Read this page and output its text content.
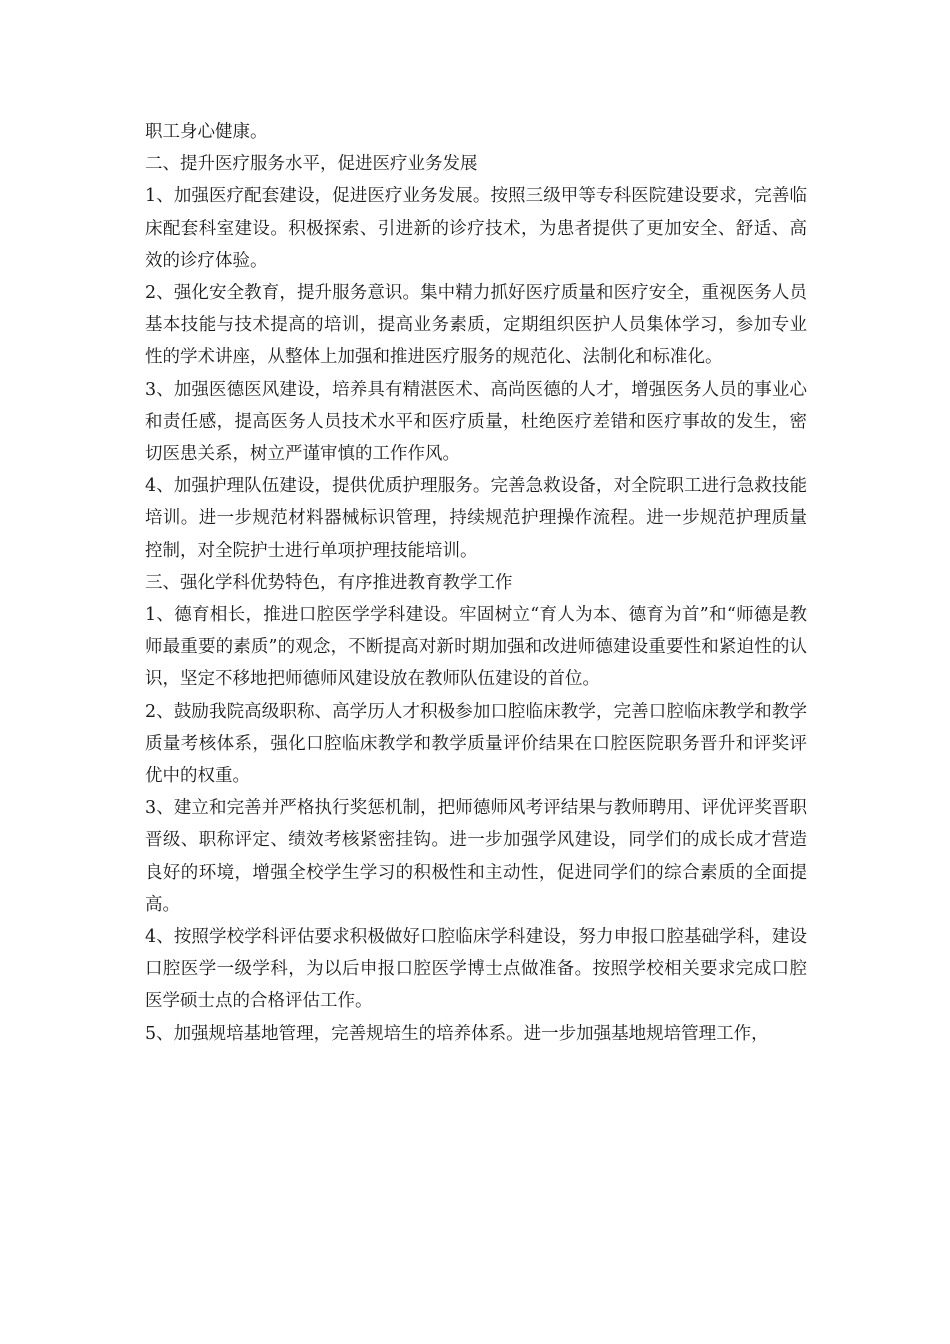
职工身心健康。

二、提升医疗服务水平，促进医疗业务发展

1、加强医疗配套建设，促进医疗业务发展。按照三级甲等专科医院建设要求，完善临床配套科室建设。积极探索、引进新的诊疗技术，为患者提供了更加安全、舒适、高效的诊疗体验。

2、强化安全教育，提升服务意识。集中精力抓好医疗质量和医疗安全，重视医务人员基本技能与技术提高的培训，提高业务素质，定期组织医护人员集体学习，参加专业性的学术讲座，从整体上加强和推进医疗服务的规范化、法制化和标准化。

3、加强医德医风建设，培养具有精湛医术、高尚医德的人才，增强医务人员的事业心和责任感，提高医务人员技术水平和医疗质量，杜绝医疗差错和医疗事故的发生，密切医患关系，树立严谨审慎的工作作风。

4、加强护理队伍建设，提供优质护理服务。完善急救设备，对全院职工进行急救技能培训。进一步规范材料器械标识管理，持续规范护理操作流程。进一步规范护理质量控制，对全院护士进行单项护理技能培训。

三、强化学科优势特色，有序推进教育教学工作

1、德育相长，推进口腔医学学科建设。牢固树立“育人为本、德育为首”和“师德是教师最重要的素质”的观念，不断提高对新时期加强和改进师德建设重要性和紧迫性的认识，坚定不移地把师德师风建设放在教师队伍建设的首位。

2、鼓励我院高级职称、高学历人才积极参加口腔临床教学，完善口腔临床教学和教学质量考核体系，强化口腔临床教学和教学质量评价结果在口腔医院职务晋升和评奖评优中的权重。

3、建立和完善并严格执行奖惩机制，把师德师风考评结果与教师聘用、评优评奖晋职晋级、职称评定、绩效考核紧密挂钩。进一步加强学风建设，同学们的成长成才营造良好的环境，增强全校学生学习的积极性和主动性，促进同学们的综合素质的全面提高。

4、按照学校学科评估要求积极做好口腔临床学科建设，努力申报口腔基础学科，建设口腔医学一级学科，为以后申报口腔医学博士点做准备。按照学校相关要求完成口腔医学硕士点的合格评估工作。

5、加强规培基地管理，完善规培生的培养体系。进一步加强基地规培管理工作，
